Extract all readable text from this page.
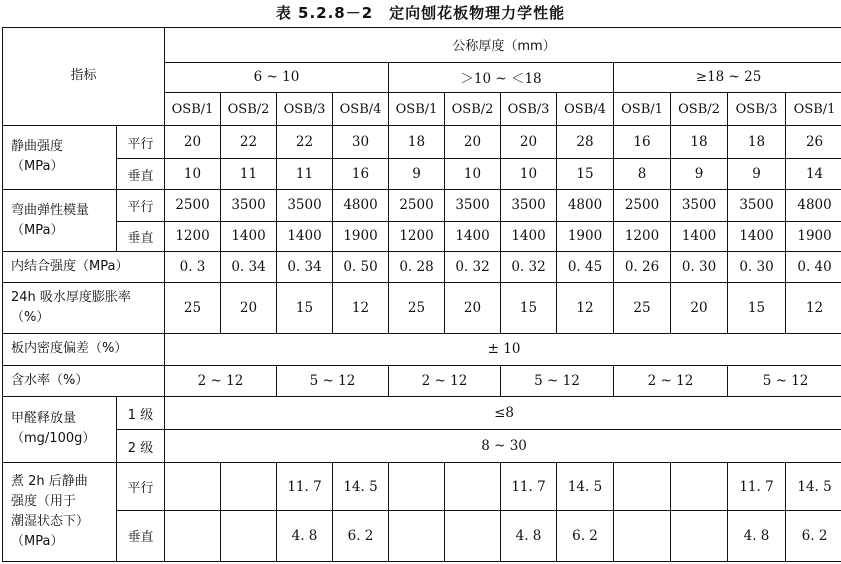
表 5.2.8－2　定向刨花板物理力学性能
指标		公称厚度（mm）											
		6 ~ 10				＞10 ~ ＜18				≥18 ~ 25			
		OSB/1	OSB/2	OSB/3	OSB/4	OSB/1	OSB/2	OSB/3	OSB/4	OSB/1	OSB/2	OSB/3	OSB/1
静曲强度
（MPa）	平行	20	22	22	30	18	20	20	28	16	18	18	26
	垂直	10	11	11	16	9	10	10	15	8	9	9	14
弯曲弹性模量
（MPa）	平行	2500	3500	3500	4800	2500	3500	3500	4800	2500	3500	3500	4800
	垂直	1200	1400	1400	1900	1200	1400	1400	1900	1200	1400	1400	1900
内结合强度（MPa）		0. 3	0. 34	0. 34	0. 50	0. 28	0. 32	0. 32	0. 45	0. 26	0. 30	0. 30	0. 40
24h 吸水厚度膨胀率
（%）		25	20	15	12	25	20	15	12	25	20	15	12
板内密度偏差（%）		± 10											
含水率（%）		2 ~ 12		5 ~ 12		2 ~ 12		5 ~ 12		2 ~ 12		5 ~ 12	
甲醛释放量
（mg/100g）	1 级	≤8											
	2 级	8 ~ 30											
煮 2h 后静曲
强度（用于
潮湿状态下）
（MPa）	平行			11. 7	14. 5			11. 7	14. 5			11. 7	14. 5
	垂直			4. 8	6. 2			4. 8	6. 2			4. 8	6. 2
